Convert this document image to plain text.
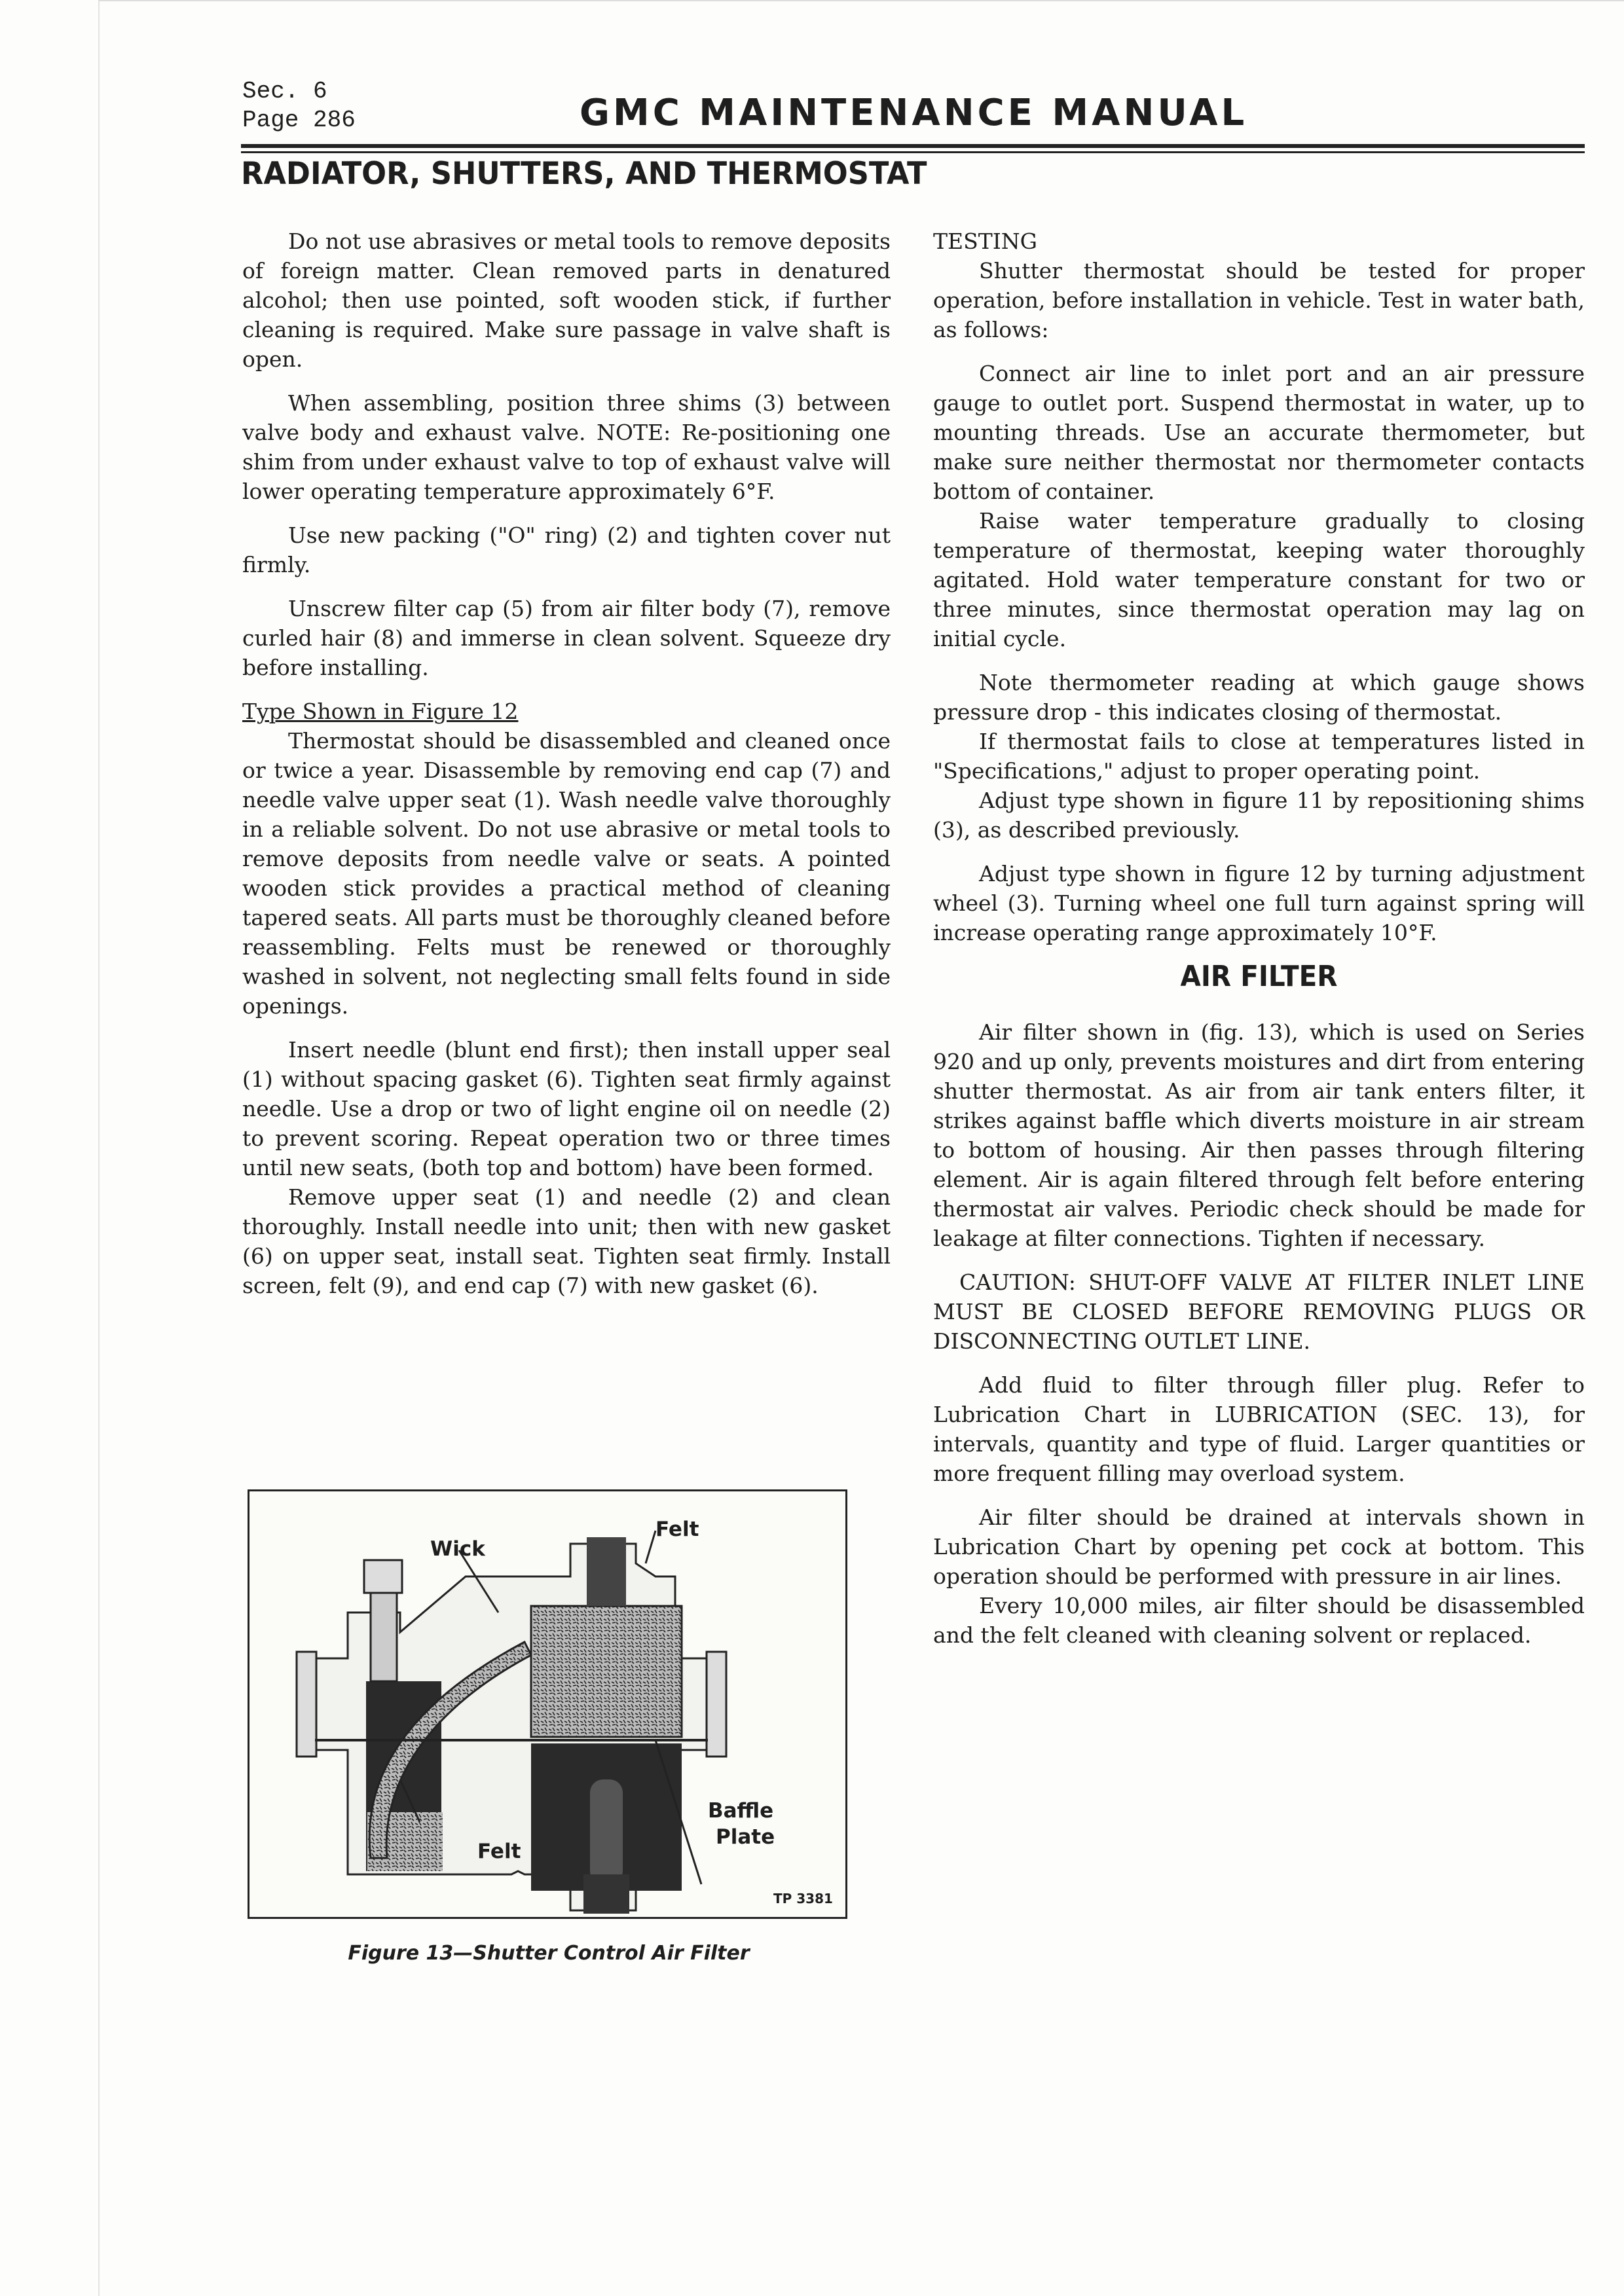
Sec. 6
Page 286	GMC MAINTENANCE MANUAL
RADIATOR, SHUTTERS, AND THERMOSTAT

Do not use abrasives or metal tools to remove deposits of foreign matter. Clean removed parts in denatured alcohol; then use pointed, soft wooden stick, if further cleaning is required. Make sure passage in valve shaft is open.

When assembling, position three shims (3) between valve body and exhaust valve. NOTE: Re-positioning one shim from under exhaust valve to top of exhaust valve will lower operating temperature approximately 6°F.

Use new packing ("O" ring) (2) and tighten cover nut firmly.

Unscrew filter cap (5) from air filter body (7), remove curled hair (8) and immerse in clean solvent. Squeeze dry before installing.

Type Shown in Figure 12

Thermostat should be disassembled and cleaned once or twice a year. Disassemble by removing end cap (7) and needle valve upper seat (1). Wash needle valve thoroughly in a reliable solvent. Do not use abrasive or metal tools to remove deposits from needle valve or seats. A pointed wooden stick provides a practical method of cleaning tapered seats. All parts must be thoroughly cleaned before reassembling. Felts must be renewed or thoroughly washed in solvent, not neglecting small felts found in side openings.

Insert needle (blunt end first); then install upper seal (1) without spacing gasket (6). Tighten seat firmly against needle. Use a drop or two of light engine oil on needle (2) to prevent scoring. Repeat operation two or three times until new seats, (both top and bottom) have been formed.

Remove upper seat (1) and needle (2) and clean thoroughly. Install needle into unit; then with new gasket (6) on upper seat, install seat. Tighten seat firmly. Install screen, felt (9), and end cap (7) with new gasket (6).

Wick
Felt
Felt
Baffle
Plate
TP 3381
Figure 13—Shutter Control Air Filter
TESTING

Shutter thermostat should be tested for proper operation, before installation in vehicle. Test in water bath, as follows:

Connect air line to inlet port and an air pressure gauge to outlet port. Suspend thermostat in water, up to mounting threads. Use an accurate thermometer, but make sure neither thermostat nor thermometer contacts bottom of container.

Raise water temperature gradually to closing temperature of thermostat, keeping water thoroughly agitated. Hold water temperature constant for two or three minutes, since thermostat operation may lag on initial cycle.

Note thermometer reading at which gauge shows pressure drop - this indicates closing of thermostat.

If thermostat fails to close at temperatures listed in "Specifications," adjust to proper operating point.

Adjust type shown in figure 11 by repositioning shims (3), as described previously.

Adjust type shown in figure 12 by turning adjustment wheel (3). Turning wheel one full turn against spring will increase operating range approximately 10°F.

AIR FILTER

Air filter shown in (fig. 13), which is used on Series 920 and up only, prevents moistures and dirt from entering shutter thermostat. As air from air tank enters filter, it strikes against baffle which diverts moisture in air stream to bottom of housing. Air then passes through filtering element. Air is again filtered through felt before entering thermostat air valves. Periodic check should be made for leakage at filter connections. Tighten if necessary.

CAUTION: SHUT-OFF VALVE AT FILTER INLET LINE MUST BE CLOSED BEFORE REMOVING PLUGS OR DISCONNECTING OUTLET LINE.

Add fluid to filter through filler plug. Refer to Lubrication Chart in LUBRICATION (SEC. 13), for intervals, quantity and type of fluid. Larger quantities or more frequent filling may overload system.

Air filter should be drained at intervals shown in Lubrication Chart by opening pet cock at bottom. This operation should be performed with pressure in air lines.

Every 10,000 miles, air filter should be disassembled and the felt cleaned with cleaning solvent or replaced.
